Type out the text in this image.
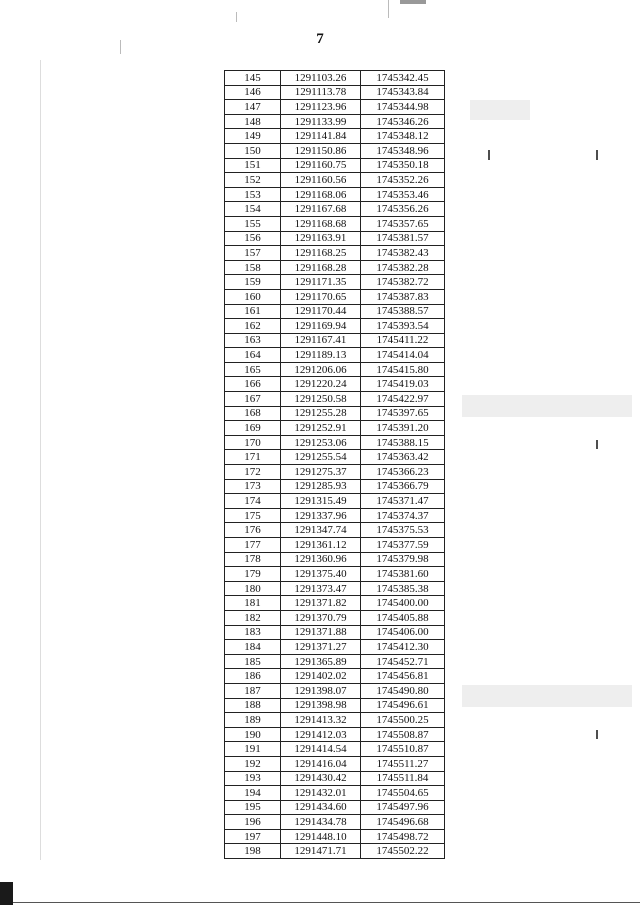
7
145	1291103.26	1745342.45
146	1291113.78	1745343.84
147	1291123.96	1745344.98
148	1291133.99	1745346.26
149	1291141.84	1745348.12
150	1291150.86	1745348.96
151	1291160.75	1745350.18
152	1291160.56	1745352.26
153	1291168.06	1745353.46
154	1291167.68	1745356.26
155	1291168.68	1745357.65
156	1291163.91	1745381.57
157	1291168.25	1745382.43
158	1291168.28	1745382.28
159	1291171.35	1745382.72
160	1291170.65	1745387.83
161	1291170.44	1745388.57
162	1291169.94	1745393.54
163	1291167.41	1745411.22
164	1291189.13	1745414.04
165	1291206.06	1745415.80
166	1291220.24	1745419.03
167	1291250.58	1745422.97
168	1291255.28	1745397.65
169	1291252.91	1745391.20
170	1291253.06	1745388.15
171	1291255.54	1745363.42
172	1291275.37	1745366.23
173	1291285.93	1745366.79
174	1291315.49	1745371.47
175	1291337.96	1745374.37
176	1291347.74	1745375.53
177	1291361.12	1745377.59
178	1291360.96	1745379.98
179	1291375.40	1745381.60
180	1291373.47	1745385.38
181	1291371.82	1745400.00
182	1291370.79	1745405.88
183	1291371.88	1745406.00
184	1291371.27	1745412.30
185	1291365.89	1745452.71
186	1291402.02	1745456.81
187	1291398.07	1745490.80
188	1291398.98	1745496.61
189	1291413.32	1745500.25
190	1291412.03	1745508.87
191	1291414.54	1745510.87
192	1291416.04	1745511.27
193	1291430.42	1745511.84
194	1291432.01	1745504.65
195	1291434.60	1745497.96
196	1291434.78	1745496.68
197	1291448.10	1745498.72
198	1291471.71	1745502.22
